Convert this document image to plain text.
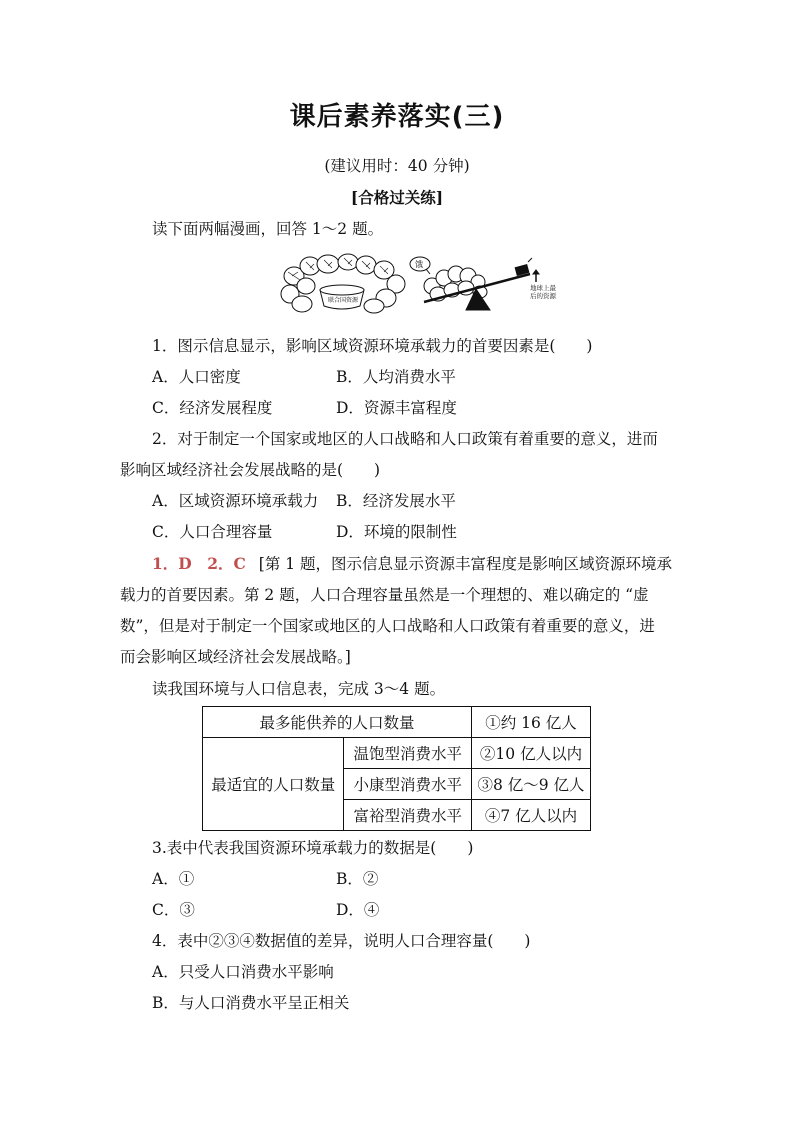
课后素养落实(三)
(建议用时：40 分钟)
[合格过关练]
读下面两幅漫画，回答 1～2 题。
联合国资源
饿
地球上最
后的资源
1．图示信息显示，影响区域资源环境承载力的首要因素是(　　)
A．人口密度	B．人均消费水平
C．经济发展程度	D．资源丰富程度
2．对于制定一个国家或地区的人口战略和人口政策有着重要的意义，进而
影响区域经济社会发展战略的是(　　)
A．区域资源环境承载力 B．经济发展水平
C．人口合理容量	D．环境的限制性
1．D　2．C [第 1 题，图示信息显示资源丰富程度是影响区域资源环境承
载力的首要因素。第 2 题，人口合理容量虽然是一个理想的、难以确定的 “虚
数”，但是对于制定一个国家或地区的人口战略和人口政策有着重要的意义，进
而会影响区域经济社会发展战略。]
读我国环境与人口信息表，完成 3～4 题。
最多能供养的人口数量		①约 16 亿人
最适宜的人口数量	温饱型消费水平	②10 亿人以内
	小康型消费水平	③8 亿～9 亿人
	富裕型消费水平	④7 亿人以内
3.表中代表我国资源环境承载力的数据是(　　)
A．①	B．②
C．③	D．④
4．表中②③④数据值的差异，说明人口合理容量(　　)
A．只受人口消费水平影响
B．与人口消费水平呈正相关
